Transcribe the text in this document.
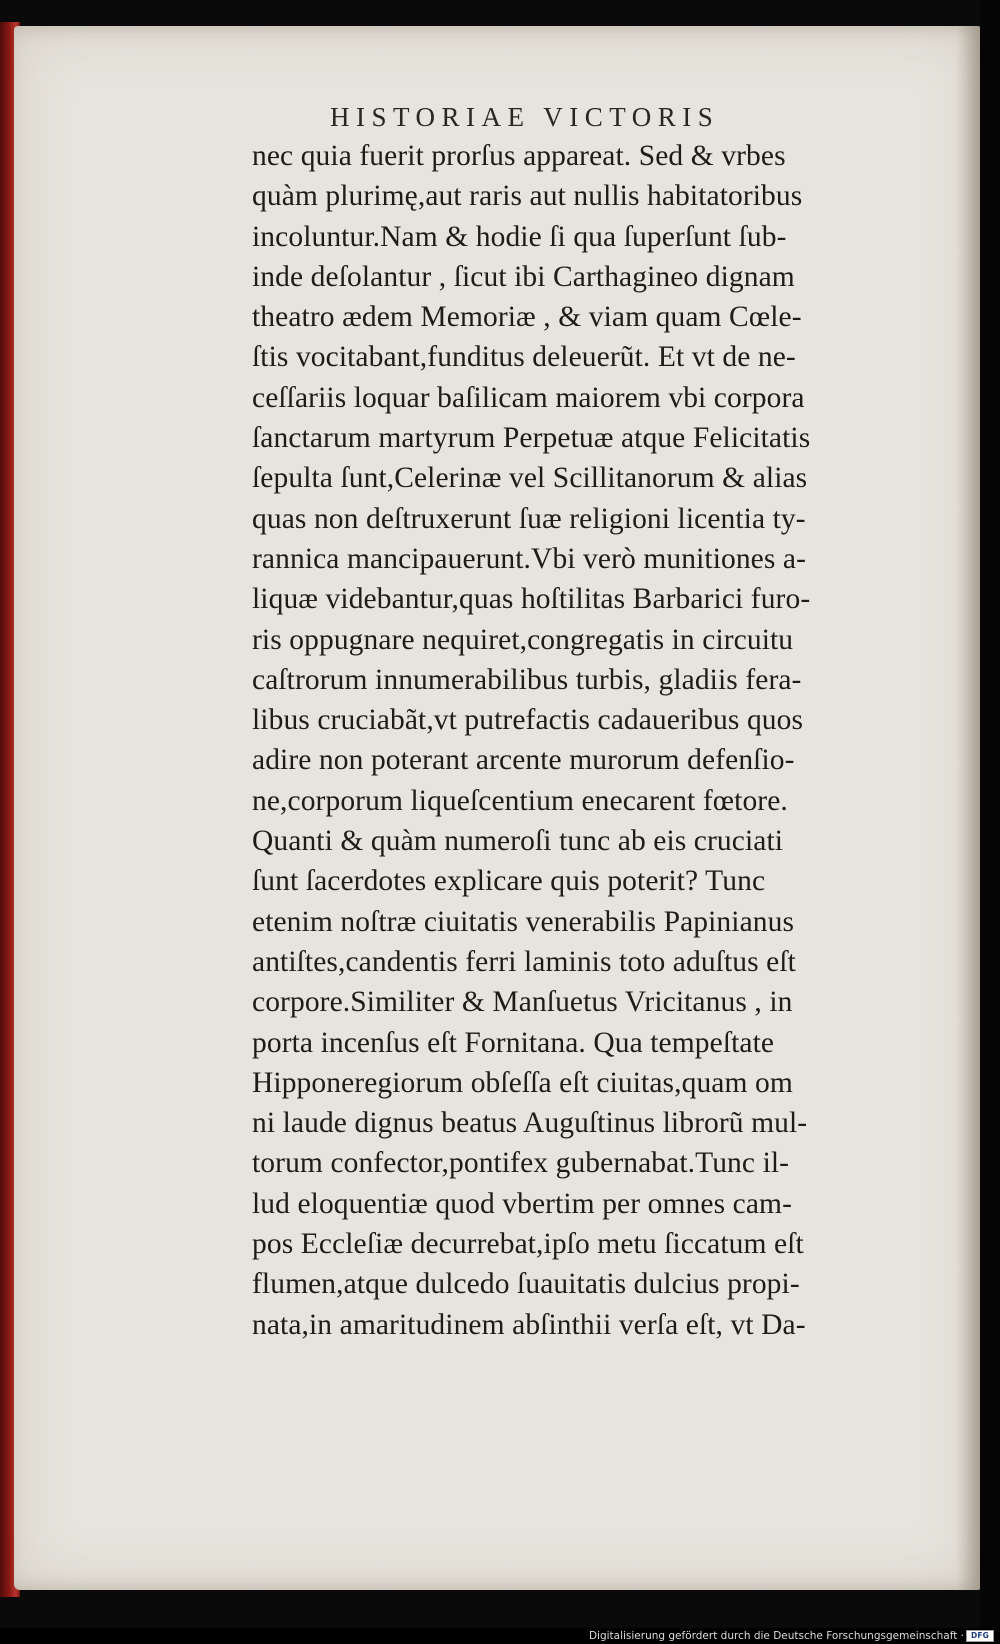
HISTORIAE VICTORIS
nec quia fuerit prorſus appareat. Sed & vrbes
quàm plurimę,aut raris aut nullis habitatoribus
incoluntur.Nam & hodie ſi qua ſuperſunt ſub-
inde deſolantur , ſicut ibi Carthagineo dignam
theatro ædem Memoriæ , & viam quam Cœle-
ſtis vocitabant,funditus deleuerũt. Et vt de ne-
ceſſariis loquar baſilicam maiorem vbi corpora
ſanctarum martyrum Perpetuæ atque Felicitatis
ſepulta ſunt,Celerinæ vel Scillitanorum & alias
quas non deſtruxerunt ſuæ religioni licentia ty-
rannica mancipauerunt.Vbi verò munitiones a-
liquæ videbantur,quas hoſtilitas Barbarici furo-
ris oppugnare nequiret,congregatis in circuitu
caſtrorum innumerabilibus turbis, gladiis fera-
libus cruciabãt,vt putrefactis cadaueribus quos
adire non poterant arcente murorum defenſio-
ne,corporum liqueſcentium enecarent fœtore.
Quanti & quàm numeroſi tunc ab eis cruciati
ſunt ſacerdotes explicare quis poterit? Tunc
etenim noſtræ ciuitatis venerabilis Papinianus
antiſtes,candentis ferri laminis toto aduſtus eſt
corpore.Similiter & Manſuetus Vricitanus , in
porta incenſus eſt Fornitana. Qua tempeſtate
Hipponeregiorum obſeſſa eſt ciuitas,quam om
ni laude dignus beatus Auguſtinus librorũ mul-
torum confector,pontifex gubernabat.Tunc il-
lud eloquentiæ quod vbertim per omnes cam-
pos Eccleſiæ decurrebat,ipſo metu ſiccatum eſt
flumen,atque dulcedo ſuauitatis dulcius propi-
nata,in amaritudinem abſinthii verſa eſt, vt Da-
Digitalisierung gefördert durch die Deutsche Forschungsgemeinschaft · DFG
